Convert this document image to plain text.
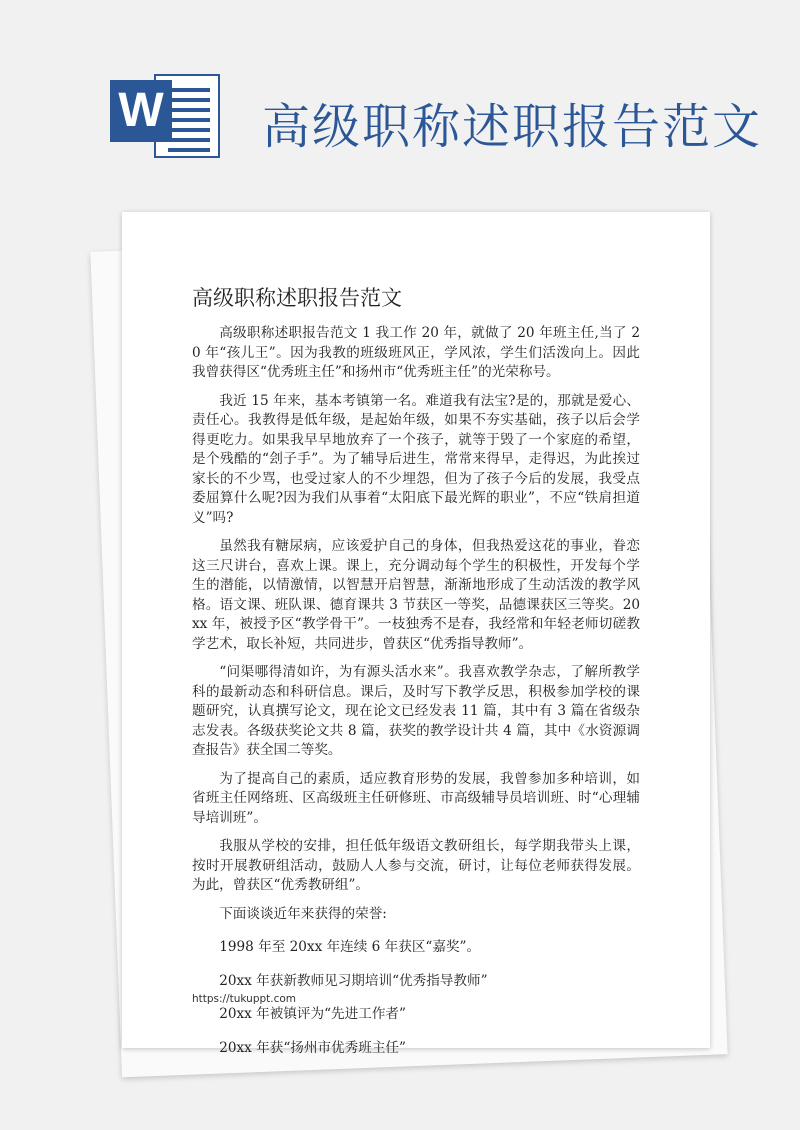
W 高级职称述职报告范文
高级职称述职报告范文

高级职称述职报告范文 1 我工作 20 年，就做了 20 年班主任,当了 20 年“孩儿王”。因为我教的班级班风正，学风浓，学生们活泼向上。因此我曾获得区“优秀班主任”和扬州市“优秀班主任”的光荣称号。

我近 15 年来，基本考镇第一名。难道我有法宝?是的，那就是爱心、责任心。我教得是低年级，是起始年级，如果不夯实基础，孩子以后会学得更吃力。如果我早早地放弃了一个孩子，就等于毁了一个家庭的希望，是个残酷的“刽子手”。为了辅导后进生，常常来得早，走得迟，为此挨过家长的不少骂，也受过家人的不少埋怨，但为了孩子今后的发展，我受点委屈算什么呢?因为我们从事着“太阳底下最光辉的职业”，不应“铁肩担道义”吗?

虽然我有糖尿病，应该爱护自己的身体，但我热爱这花的事业，眷恋这三尺讲台，喜欢上课。课上，充分调动每个学生的积极性，开发每个学生的潜能，以情激情，以智慧开启智慧，渐渐地形成了生动活泼的教学风格。语文课、班队课、德育课共 3 节获区一等奖，品德课获区三等奖。20xx 年，被授予区“教学骨干”。一枝独秀不是春，我经常和年轻老师切磋教学艺术，取长补短，共同进步，曾获区“优秀指导教师”。

“问渠哪得清如许，为有源头活水来”。我喜欢教学杂志，了解所教学科的最新动态和科研信息。课后，及时写下教学反思，积极参加学校的课题研究，认真撰写论文，现在论文已经发表 11 篇，其中有 3 篇在省级杂志发表。各级获奖论文共 8 篇，获奖的教学设计共 4 篇，其中《水资源调查报告》获全国二等奖。

为了提高自己的素质，适应教育形势的发展，我曾参加多种培训，如省班主任网络班、区高级班主任研修班、市高级辅导员培训班、时“心理辅导培训班”。

我服从学校的安排，担任低年级语文教研组长，每学期我带头上课，按时开展教研组活动，鼓励人人参与交流，研讨，让每位老师获得发展。为此，曾获区“优秀教研组”。

下面谈谈近年来获得的荣誉:

1998 年至 20xx 年连续 6 年获区“嘉奖”。

20xx 年获新教师见习期培训“优秀指导教师”

20xx 年被镇评为“先进工作者”

20xx 年获“扬州市优秀班主任”

https://tukuppt.com
